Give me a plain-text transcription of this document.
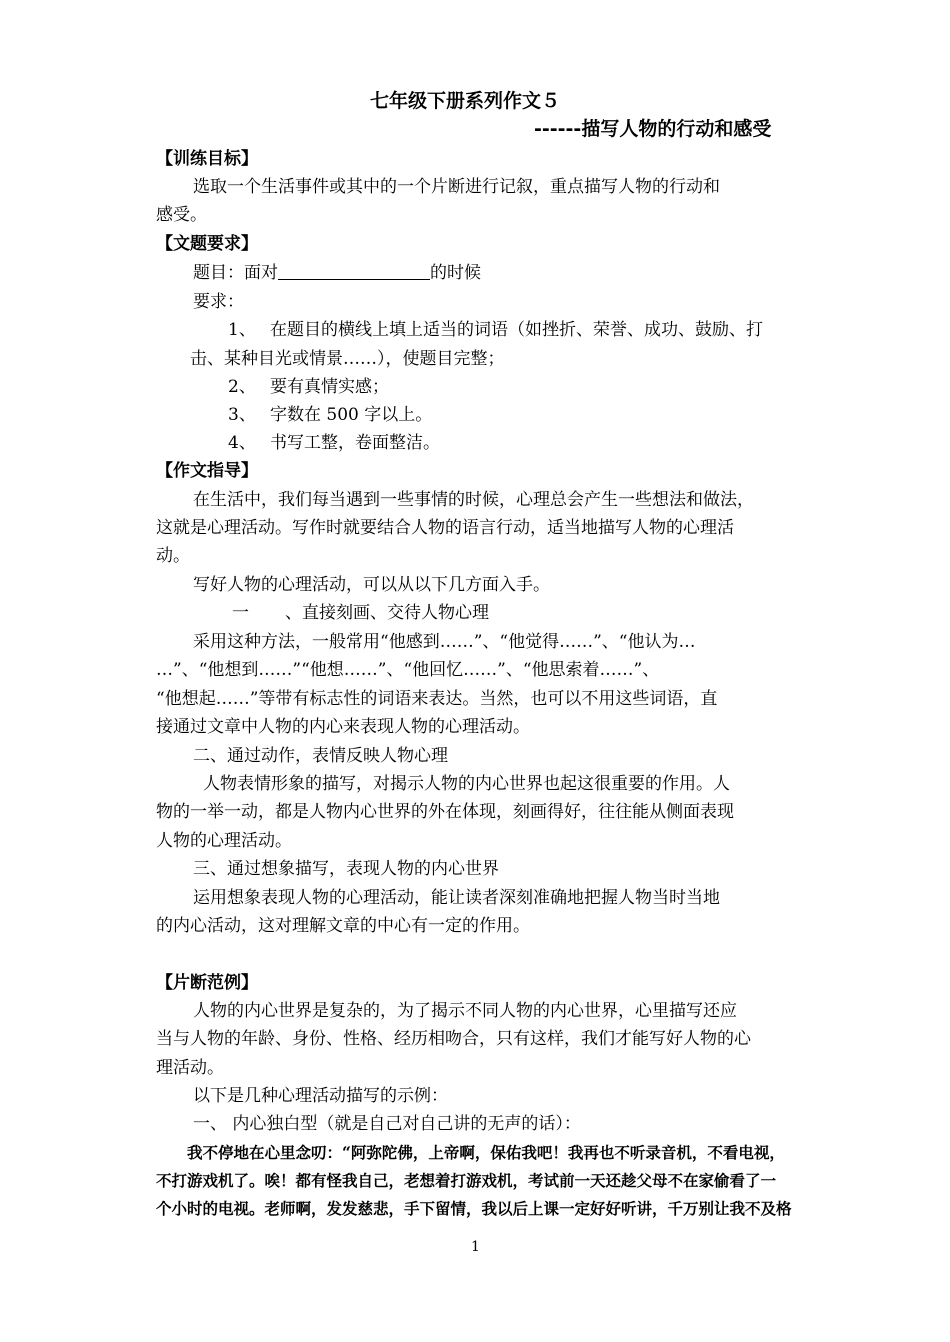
七年级下册系列作文５
------描写人物的行动和感受
【训练目标】
选取一个生活事件或其中的一个片断进行记叙，重点描写人物的行动和
感受。
【文题要求】
题目：面对	的时候
要求：
1、 在题目的横线上填上适当的词语（如挫折、荣誉、成功、鼓励、打
击、某种目光或情景……），使题目完整；
2、 要有真情实感；
3、 字数在 500 字以上。
4、 书写工整，卷面整洁。
【作文指导】
在生活中，我们每当遇到一些事情的时候，心理总会产生一些想法和做法，
这就是心理活动。写作时就要结合人物的语言行动，适当地描写人物的心理活
动。
写好人物的心理活动，可以从以下几方面入手。
一 、直接刻画、交待人物心理
采用这种方法，一般常用“他感到……”、“他觉得……”、“他认为…
…”、“他想到……”“他想……”、“他回忆……”、“他思索着……”、
“他想起……”等带有标志性的词语来表达。当然，也可以不用这些词语，直
接通过文章中人物的内心来表现人物的心理活动。
二、通过动作，表情反映人物心理
人物表情形象的描写，对揭示人物的内心世界也起这很重要的作用。人
物的一举一动，都是人物内心世界的外在体现，刻画得好，往往能从侧面表现
人物的心理活动。
三、通过想象描写，表现人物的内心世界
运用想象表现人物的心理活动，能让读者深刻准确地把握人物当时当地
的内心活动，这对理解文章的中心有一定的作用。
【片断范例】
人物的内心世界是复杂的，为了揭示不同人物的内心世界，心里描写还应
当与人物的年龄、身份、性格、经历相吻合，只有这样，我们才能写好人物的心
理活动。
以下是几种心理活动描写的示例：
一、 内心独白型（就是自己对自己讲的无声的话）：
我不停地在心里念叨：“阿弥陀佛，上帝啊，保佑我吧！我再也不听录音机，不看电视，
不打游戏机了。唉！都有怪我自己，老想着打游戏机，考试前一天还趁父母不在家偷看了一
个小时的电视。老师啊，发发慈悲，手下留情，我以后上课一定好好听讲，千万别让我不及格
1
